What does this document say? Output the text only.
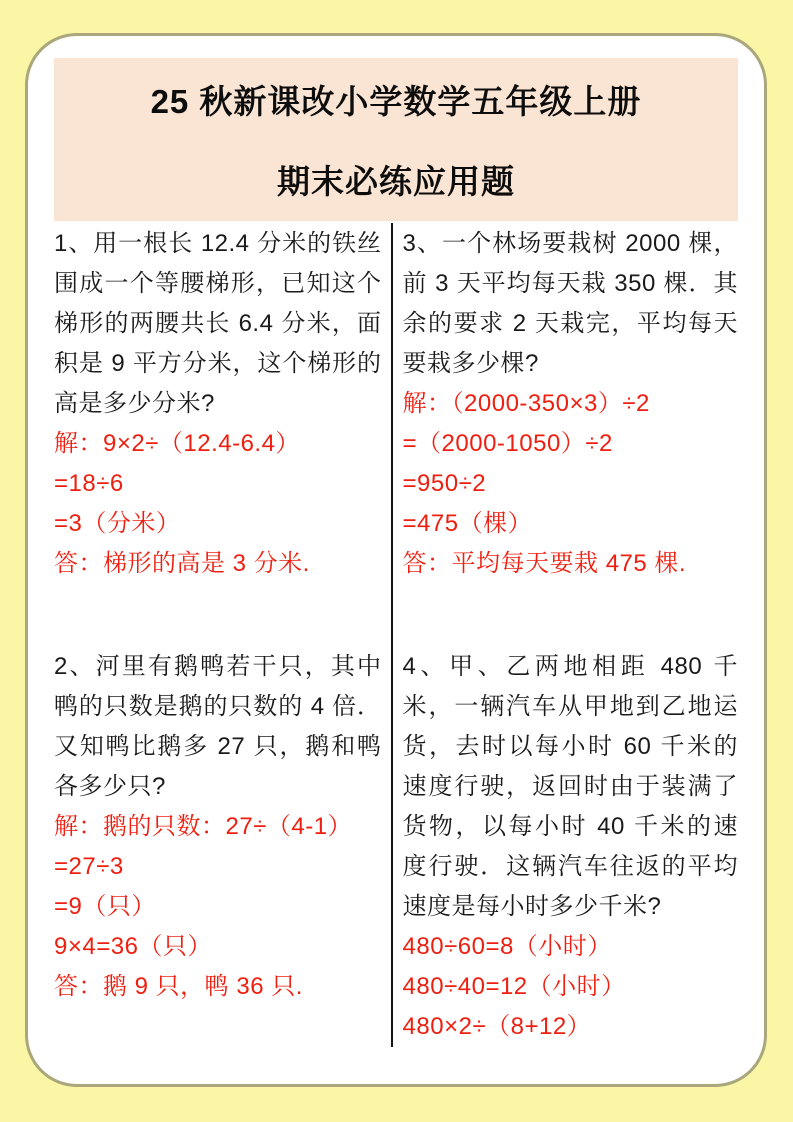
25 秋新课改小学数学五年级上册
期末必练应用题

1、用一根长 12.4 分米的铁丝围成一个等腰梯形，已知这个梯形的两腰共长 6.4 分米，面积是 9 平方分米，这个梯形的高是多少分米?

解：9×2÷（12.4-6.4）

=18÷6

=3（分米）

答：梯形的高是 3 分米.

2、河里有鹅鸭若干只，其中鸭的只数是鹅的只数的 4 倍．又知鸭比鹅多 27 只，鹅和鸭各多少只?

解：鹅的只数：27÷（4-1）

=27÷3

=9（只）

9×4=36（只）

答：鹅 9 只，鸭 36 只.

3、一个林场要栽树 2000 棵，前 3 天平均每天栽 350 棵．其余的要求 2 天栽完，平均每天要栽多少棵?

解：（2000-350×3）÷2

=（2000-1050）÷2

=950÷2

=475（棵）

答：平均每天要栽 475 棵.

4、甲、乙两地相距 480 千米，一辆汽车从甲地到乙地运货，去时以每小时 60 千米的速度行驶，返回时由于装满了货物，以每小时 40 千米的速度行驶．这辆汽车往返的平均速度是每小时多少千米?

480÷60=8（小时）

480÷40=12（小时）

480×2÷（8+12）
